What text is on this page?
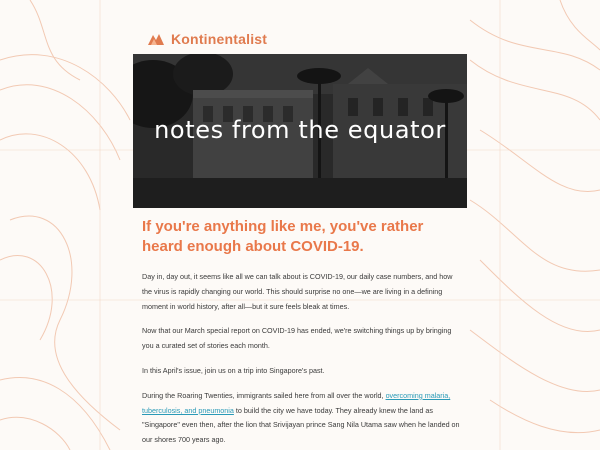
Kontinentalist
notes from the equator
If you're anything like me, you've rather heard enough about COVID-19.

Day in, day out, it seems like all we can talk about is COVID-19, our daily case numbers, and how the virus is rapidly changing our world. This should surprise no one—we are living in a defining moment in world history, after all—but it sure feels bleak at times.

Now that our March special report on COVID-19 has ended, we're switching things up by bringing you a curated set of stories each month.

In this April's issue, join us on a trip into Singapore's past.

During the Roaring Twenties, immigrants sailed here from all over the world, overcoming malaria, tuberculosis, and pneumonia to build the city we have today. They already knew the land as "Singapore" even then, after the lion that Srivijayan prince Sang Nila Utama saw when he landed on our shores 700 years ago.
